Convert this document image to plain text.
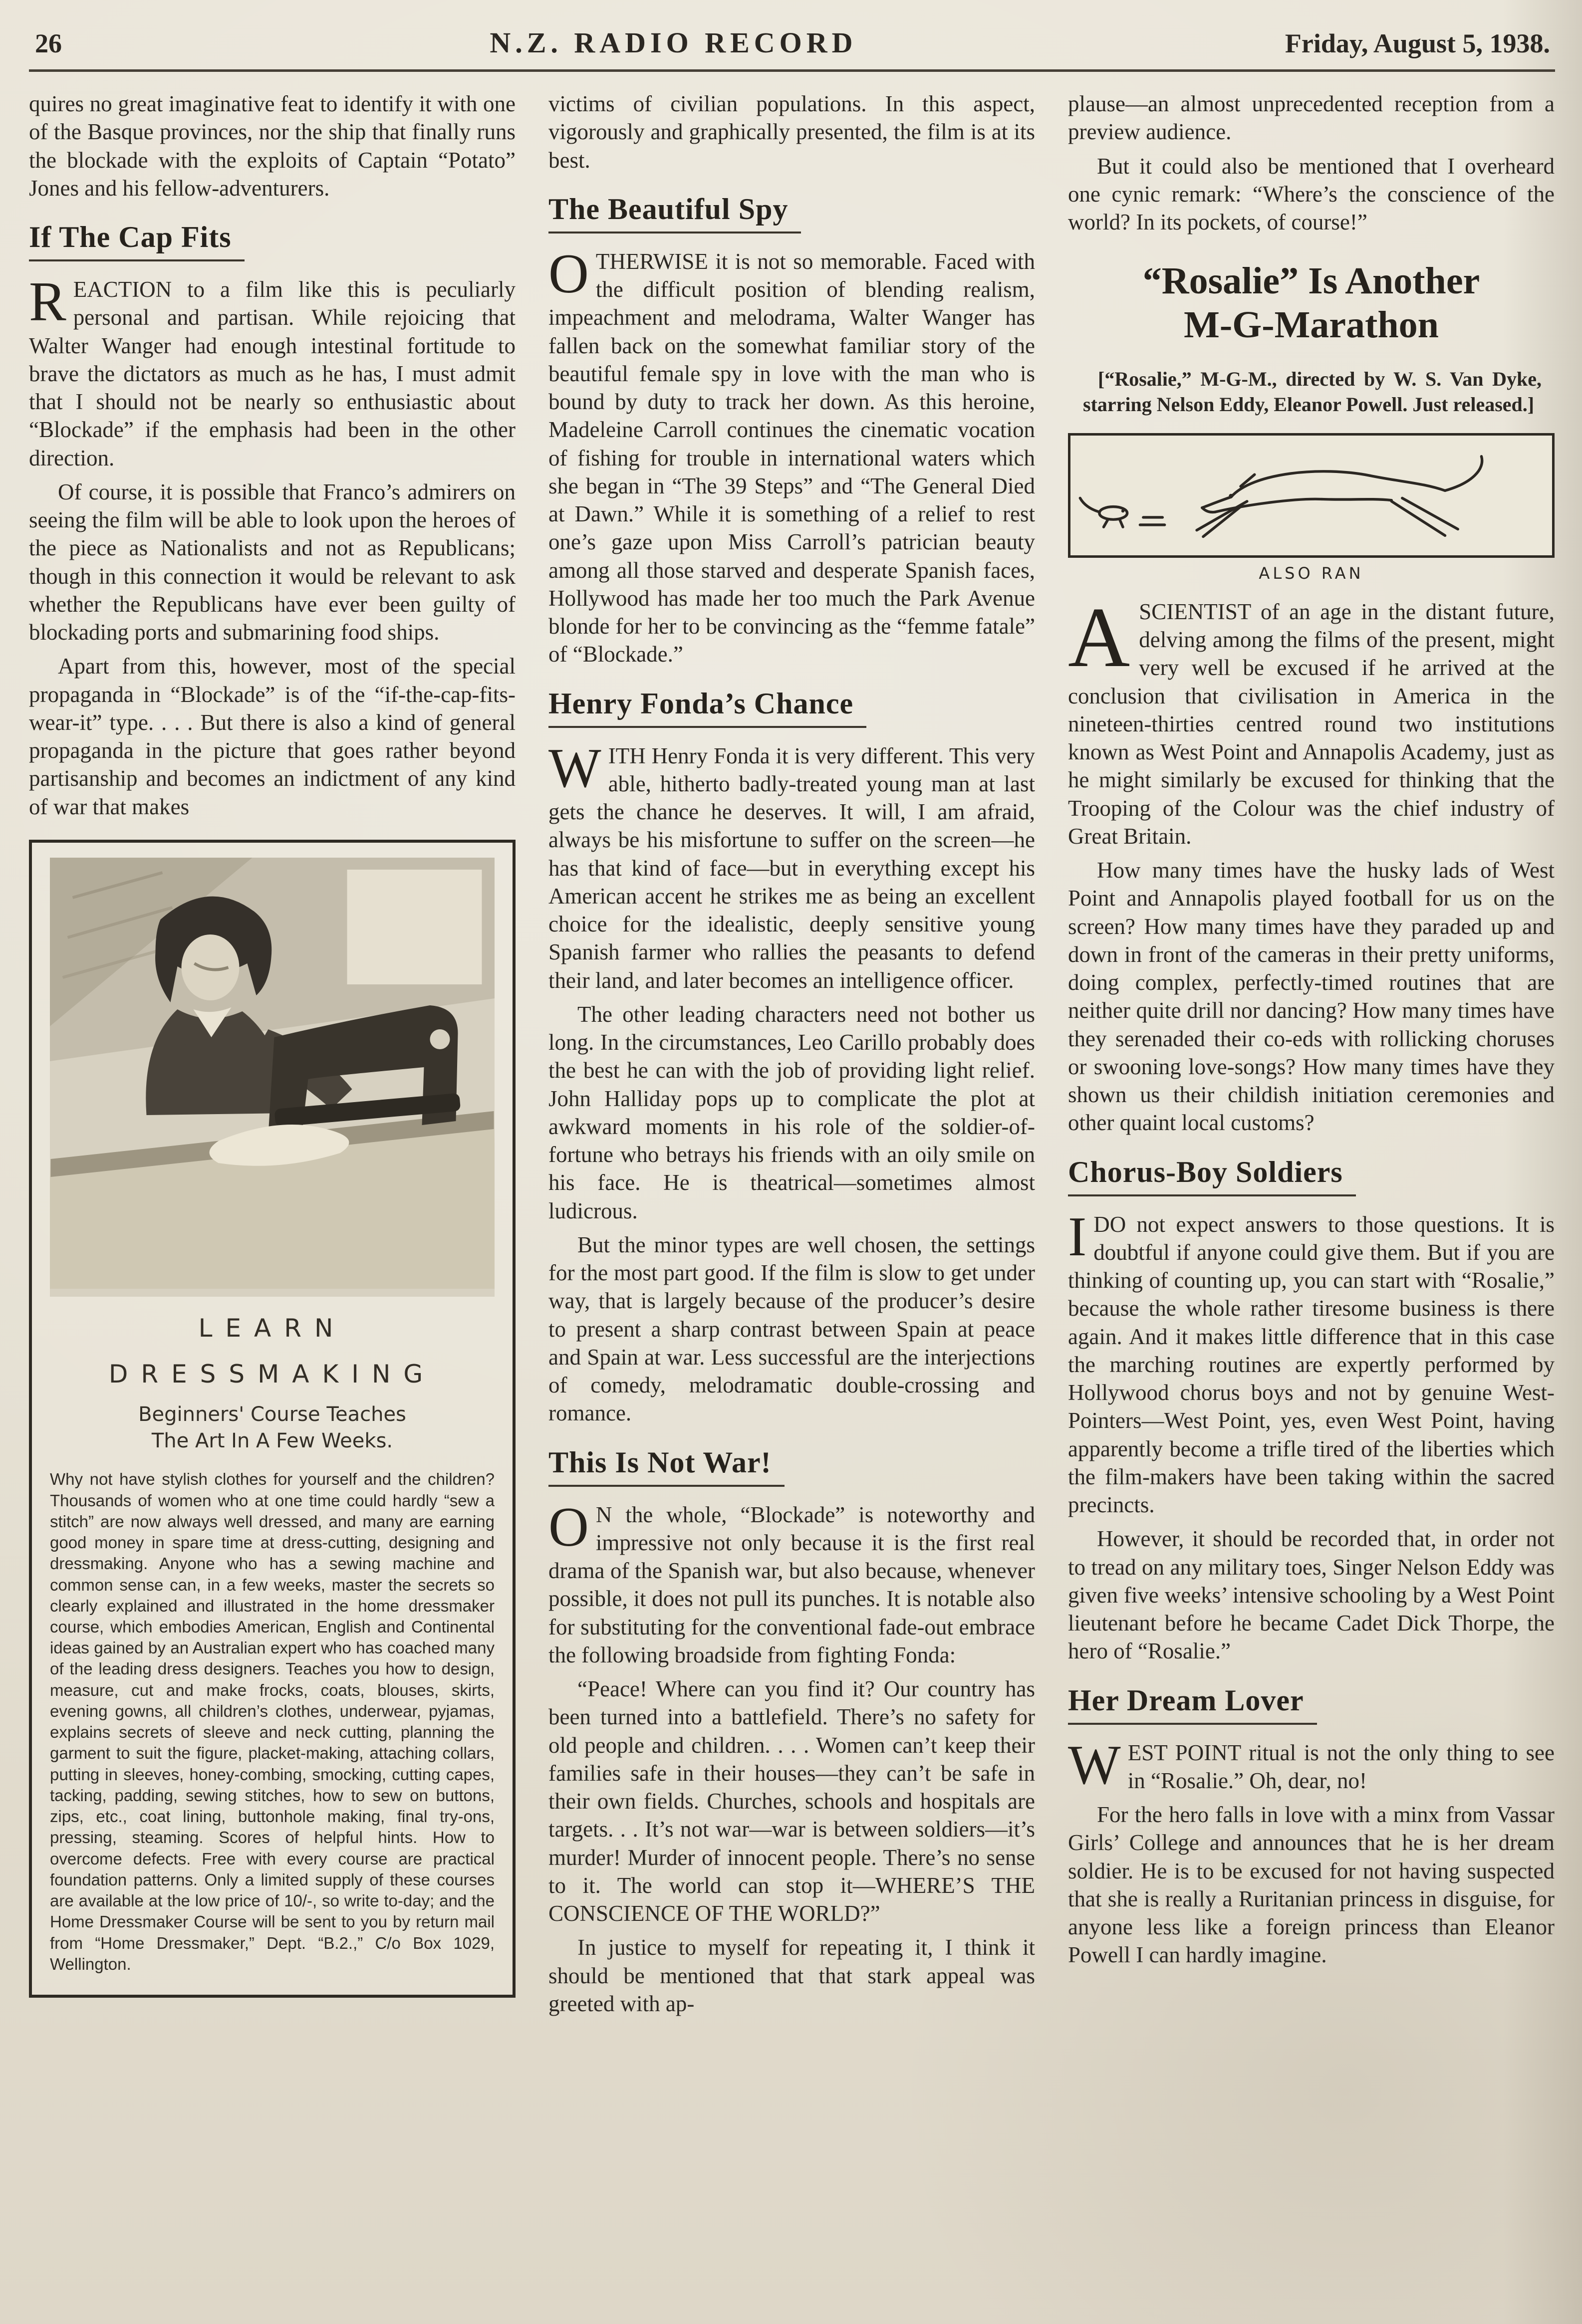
26	N.Z. RADIO RECORD	Friday, August 5, 1938.

quires no great imaginative feat to identify it with one of the Basque provinces, nor the ship that finally runs the blockade with the exploits of Captain “Potato” Jones and his fellow-adventurers.

If The Cap Fits

R EACTION to a film like this is peculiarly personal and partisan. While rejoicing that Walter Wanger had enough intestinal fortitude to brave the dictators as much as he has, I must admit that I should not be nearly so enthusiastic about “Blockade” if the emphasis had been in the other direction.

Of course, it is possible that Franco’s admirers on seeing the film will be able to look upon the heroes of the piece as Nationalists and not as Republicans; though in this connection it would be relevant to ask whether the Republicans have ever been guilty of blockading ports and submarining food ships.

Apart from this, however, most of the special propaganda in “Blockade” is of the “if-the-cap-fits-wear-it” type. . . . But there is also a kind of general propaganda in the picture that goes rather beyond partisanship and becomes an indictment of any kind of war that makes

LEARN
DRESSMAKING
Beginners' Course Teaches
The Art In A Few Weeks.

Why not have stylish clothes for yourself and the children? Thousands of women who at one time could hardly “sew a stitch” are now always well dressed, and many are earning good money in spare time at dress-cutting, designing and dressmaking. Anyone who has a sewing machine and common sense can, in a few weeks, master the secrets so clearly explained and illustrated in the home dressmaker course, which embodies American, English and Continental ideas gained by an Australian expert who has coached many of the leading dress designers. Teaches you how to design, measure, cut and make frocks, coats, blouses, skirts, evening gowns, all children’s clothes, underwear, pyjamas, explains secrets of sleeve and neck cutting, planning the garment to suit the figure, placket-making, attaching collars, putting in sleeves, honey-combing, smocking, cutting capes, tacking, padding, sewing stitches, how to sew on buttons, zips, etc., coat lining, buttonhole making, final try-ons, pressing, steaming. Scores of helpful hints. How to overcome defects. Free with every course are practical foundation patterns. Only a limited supply of these courses are available at the low price of 10/-, so write to-day; and the Home Dressmaker Course will be sent to you by return mail from “Home Dressmaker,” Dept. “B.2.,” C/o Box 1029, Wellington.

victims of civilian populations. In this aspect, vigorously and graphically presented, the film is at its best.

The Beautiful Spy

O THERWISE it is not so memorable. Faced with the difficult position of blending realism, impeachment and melodrama, Walter Wanger has fallen back on the somewhat familiar story of the beautiful female spy in love with the man who is bound by duty to track her down. As this heroine, Madeleine Carroll continues the cinematic vocation of fishing for trouble in international waters which she began in “The 39 Steps” and “The General Died at Dawn.” While it is something of a relief to rest one’s gaze upon Miss Carroll’s patrician beauty among all those starved and desperate Spanish faces, Hollywood has made her too much the Park Avenue blonde for her to be convincing as the “femme fatale” of “Blockade.”

Henry Fonda’s Chance

W ITH Henry Fonda it is very different. This very able, hitherto badly-treated young man at last gets the chance he deserves. It will, I am afraid, always be his misfortune to suffer on the screen—he has that kind of face—but in everything except his American accent he strikes me as being an excellent choice for the idealistic, deeply sensitive young Spanish farmer who rallies the peasants to defend their land, and later becomes an intelligence officer.

The other leading characters need not bother us long. In the circumstances, Leo Carillo probably does the best he can with the job of providing light relief. John Halliday pops up to complicate the plot at awkward moments in his role of the soldier-of-fortune who betrays his friends with an oily smile on his face. He is theatrical—sometimes almost ludicrous.

But the minor types are well chosen, the settings for the most part good. If the film is slow to get under way, that is largely because of the producer’s desire to present a sharp contrast between Spain at peace and Spain at war. Less successful are the interjections of comedy, melodramatic double-crossing and romance.

This Is Not War!

O N the whole, “Blockade” is noteworthy and impressive not only because it is the first real drama of the Spanish war, but also because, whenever possible, it does not pull its punches. It is notable also for substituting for the conventional fade-out embrace the following broadside from fighting Fonda:

“Peace! Where can you find it? Our country has been turned into a battlefield. There’s no safety for old people and children. . . . Women can’t keep their families safe in their houses—they can’t be safe in their own fields. Churches, schools and hospitals are targets. . . It’s not war—war is between soldiers—it’s murder! Murder of innocent people. There’s no sense to it. The world can stop it—WHERE’S THE CONSCIENCE OF THE WORLD?”

In justice to myself for repeating it, I think it should be mentioned that that stark appeal was greeted with ap-

plause—an almost unprecedented reception from a preview audience.

But it could also be mentioned that I overheard one cynic remark: “Where’s the conscience of the world? In its pockets, of course!”

“Rosalie” Is Another
M-G-Marathon

[“Rosalie,” M-G-M., directed by W. S. Van Dyke, starring Nelson Eddy, Eleanor Powell. Just released.]

ALSO RAN

A SCIENTIST of an age in the distant future, delving among the films of the present, might very well be excused if he arrived at the conclusion that civilisation in America in the nineteen-thirties centred round two institutions known as West Point and Annapolis Academy, just as he might similarly be excused for thinking that the Trooping of the Colour was the chief industry of Great Britain.

How many times have the husky lads of West Point and Annapolis played football for us on the screen? How many times have they paraded up and down in front of the cameras in their pretty uniforms, doing complex, perfectly-timed routines that are neither quite drill nor dancing? How many times have they serenaded their co-eds with rollicking choruses or swooning love-songs? How many times have they shown us their childish initiation ceremonies and other quaint local customs?

Chorus-Boy Soldiers

I DO not expect answers to those questions. It is doubtful if anyone could give them. But if you are thinking of counting up, you can start with “Rosalie,” because the whole rather tiresome business is there again. And it makes little difference that in this case the marching routines are expertly performed by Hollywood chorus boys and not by genuine West-Pointers—West Point, yes, even West Point, having apparently become a trifle tired of the liberties which the film-makers have been taking within the sacred precincts.

However, it should be recorded that, in order not to tread on any military toes, Singer Nelson Eddy was given five weeks’ intensive schooling by a West Point lieutenant before he became Cadet Dick Thorpe, the hero of “Rosalie.”

Her Dream Lover

W EST POINT ritual is not the only thing to see in “Rosalie.” Oh, dear, no!

For the hero falls in love with a minx from Vassar Girls’ College and announces that he is her dream soldier. He is to be excused for not having suspected that she is really a Ruritanian princess in disguise, for anyone less like a foreign princess than Eleanor Powell I can hardly imagine.
